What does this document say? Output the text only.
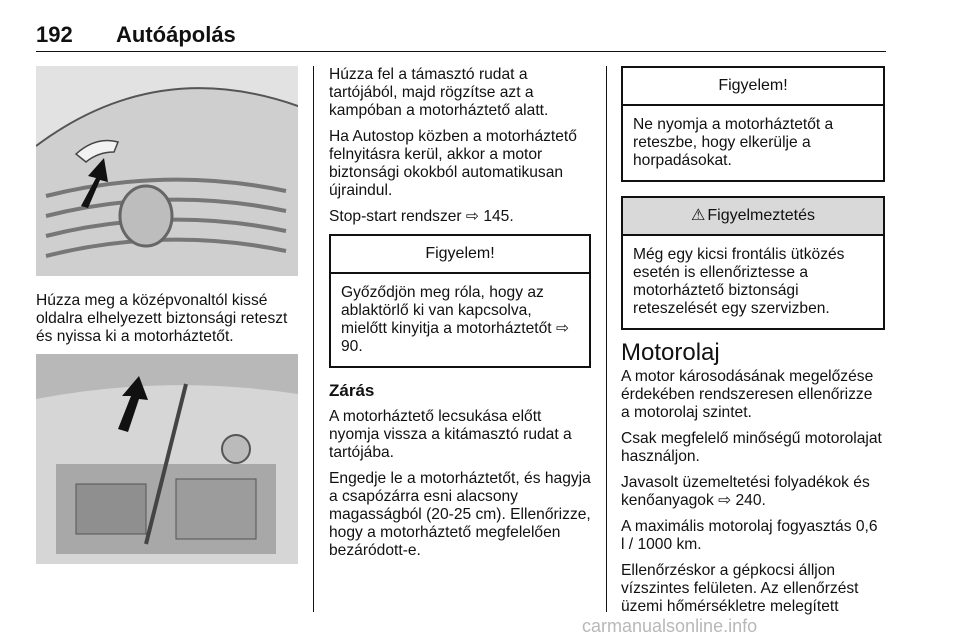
192 Autóápolás

Húzza meg a középvonaltól kissé oldalra elhelyezett biztonsági reteszt és nyissa ki a motorháztetőt.

Húzza fel a támasztó rudat a tartójából, majd rögzítse azt a kampóban a motorháztető alatt.

Ha Autostop közben a motorháztető felnyitásra kerül, akkor a motor biztonsági okokból automatikusan újraindul.

Stop-start rendszer ⇨ 145.

Figyelem!
Győződjön meg róla, hogy az ablaktörlő ki van kapcsolva, mielőtt kinyitja a motorháztetőt ⇨ 90.
Zárás

A motorháztető lecsukása előtt nyomja vissza a kitámasztó rudat a tartójába.

Engedje le a motorháztetőt, és hagyja a csapózárra esni alacsony magasságból (20-25 cm). Ellenőrizze, hogy a motorháztető megfelelően bezáródott-e.

Figyelem!
Ne nyomja a motorháztetőt a reteszbe, hogy elkerülje a horpadásokat.
⚠ Figyelmeztetés
Még egy kicsi frontális ütközés esetén is ellenőriztesse a motorháztető biztonsági reteszelését egy szervizben.
Motorolaj

A motor károsodásának megelőzése érdekében rendszeresen ellenőrizze a motorolaj szintet.

Csak megfelelő minőségű motorolajat használjon.

Javasolt üzemeltetési folyadékok és kenőanyagok ⇨ 240.

A maximális motorolaj fogyasztás 0,6 l / 1000 km.

Ellenőrzéskor a gépkocsi álljon vízszintes felületen. Az ellenőrzést üzemi hőmérsékletre melegített

carmanualsonline.info
